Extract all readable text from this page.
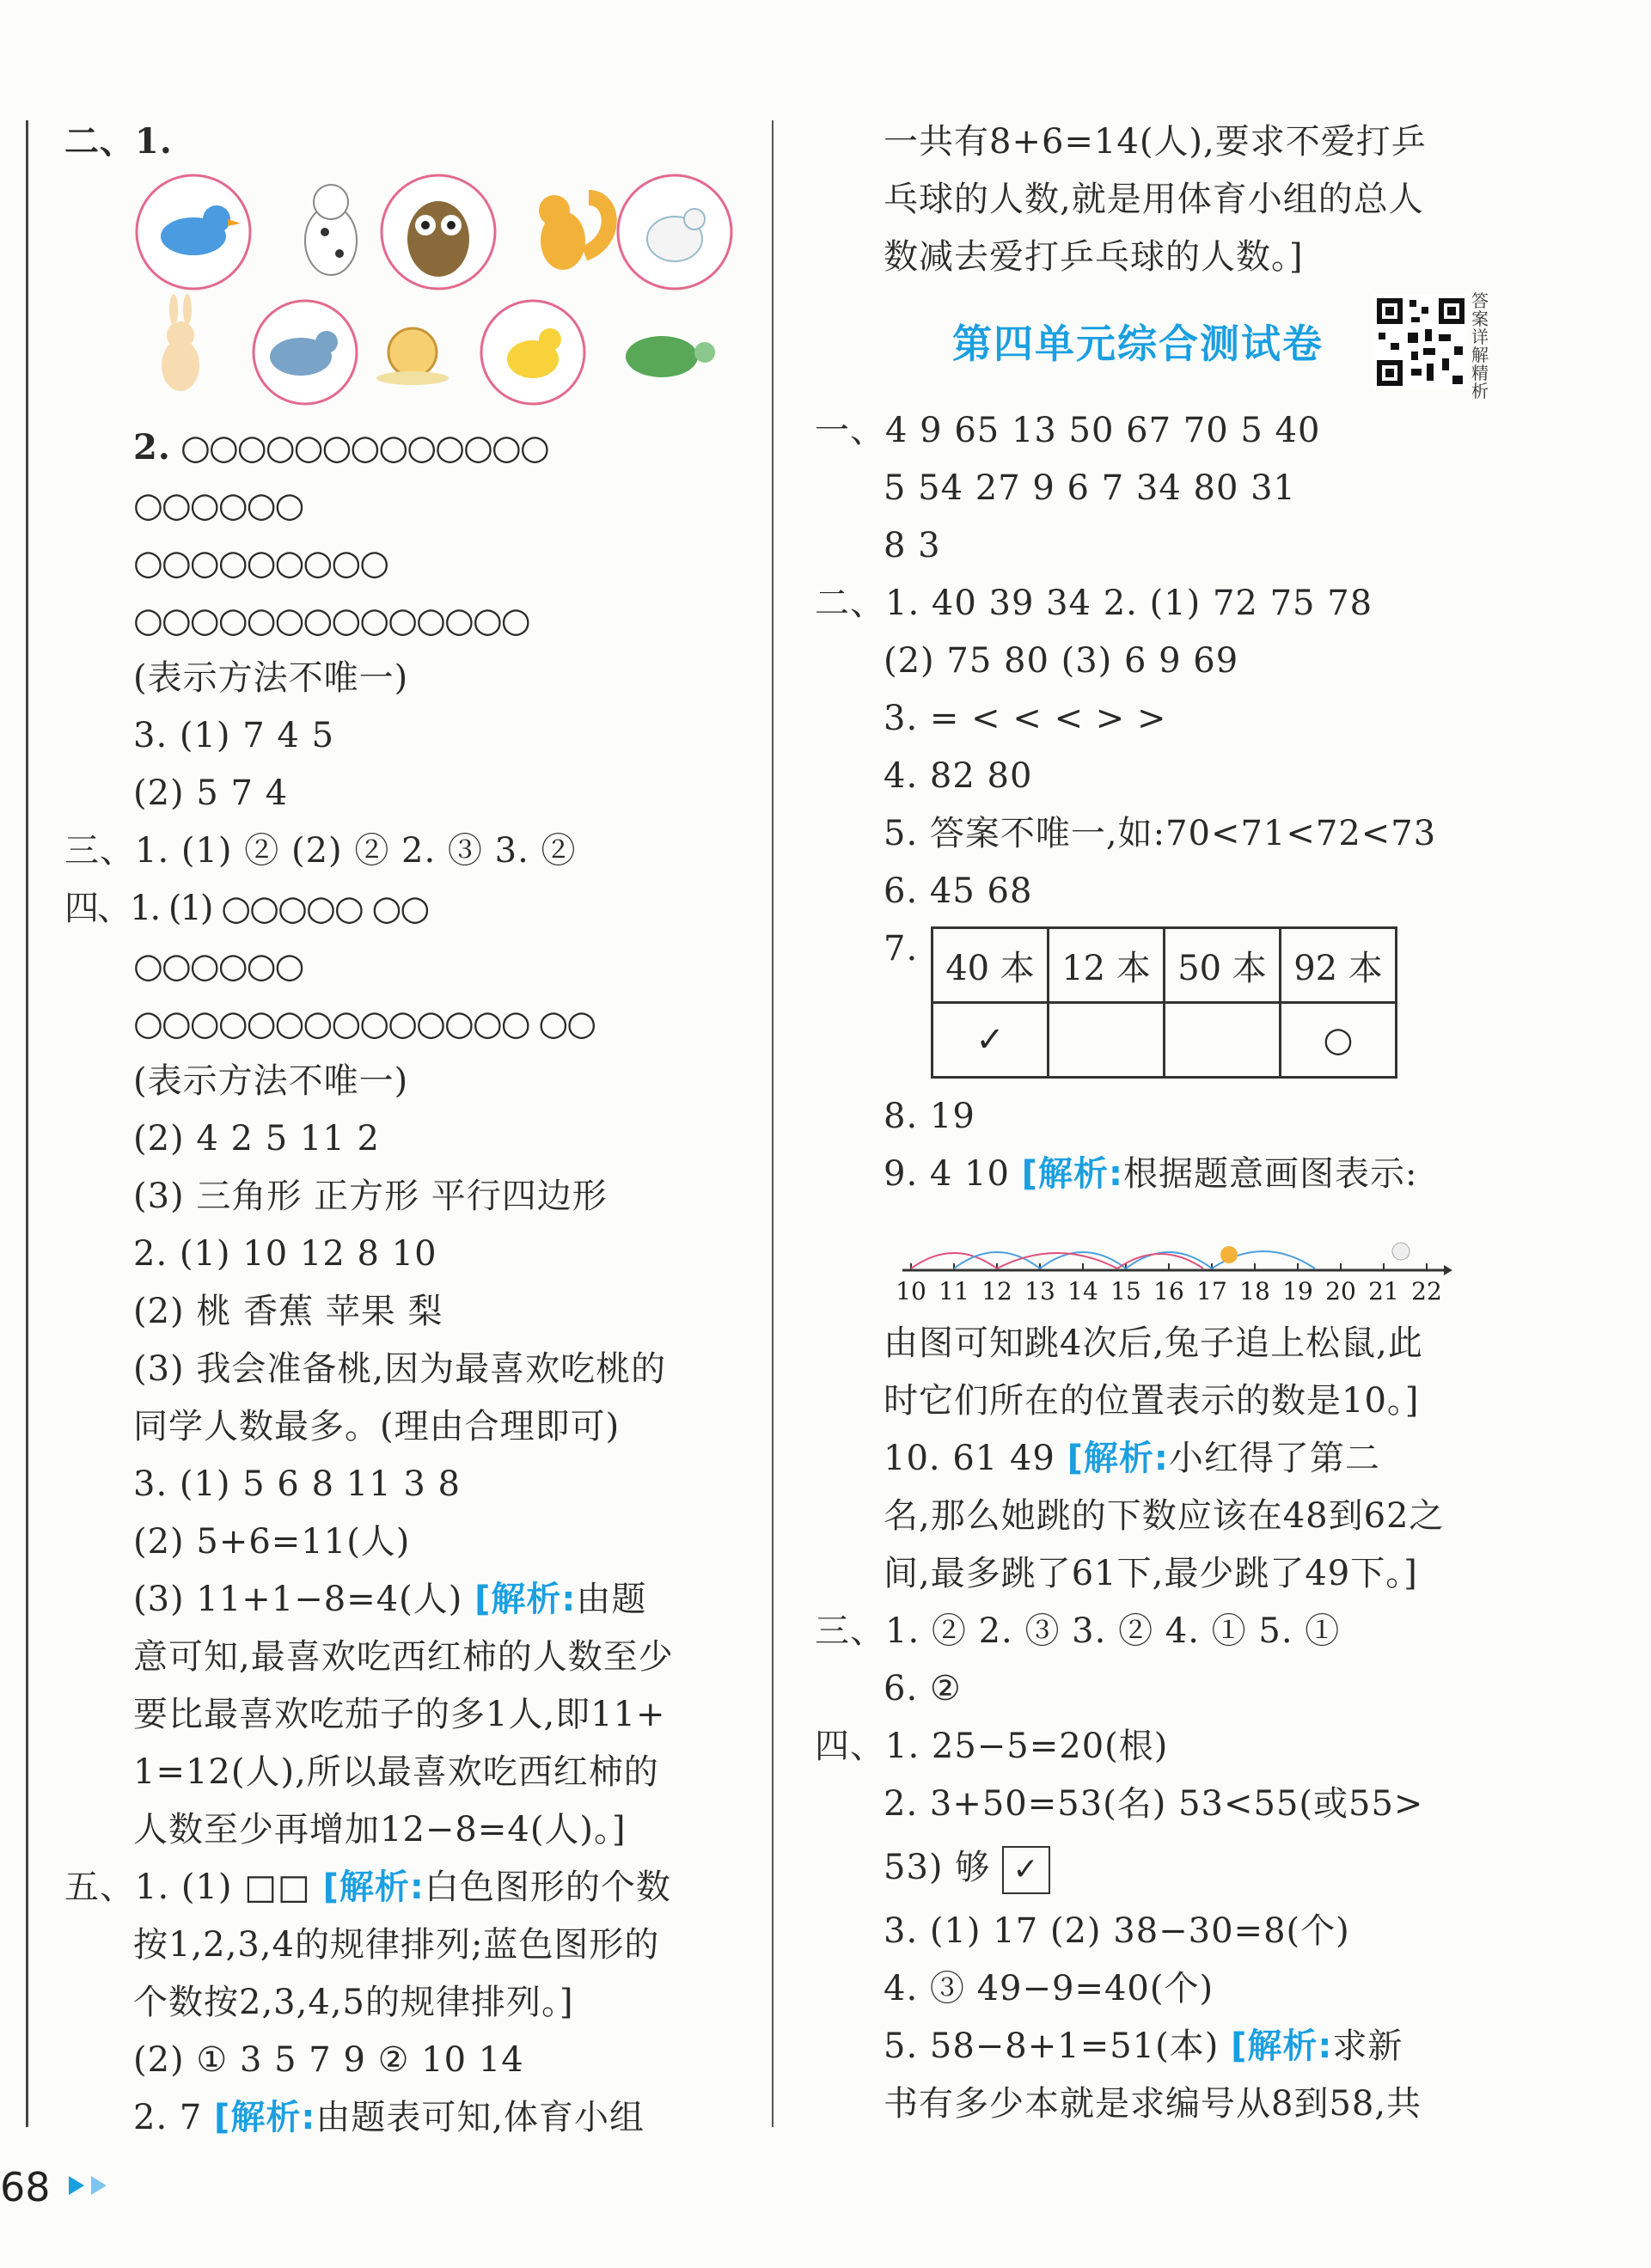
二、1.
2. ○○○○○○○○○○○○○
○○○○○○
○○○○○○○○○
○○○○○○○○○○○○○○
(表示方法不唯一)
3. (1) 7 4 5
(2) 5 7 4
三、1. (1) ② (2) ② 2. ③ 3. ②
四、1. (1) ○○○○○ ○○
○○○○○○
○○○○○○○○○○○○○○ ○○
(表示方法不唯一)
(2) 4 2 5 11 2
(3) 三角形 正方形 平行四边形
2. (1) 10 12 8 10
(2) 桃 香蕉 苹果 梨
(3) 我会准备桃,因为最喜欢吃桃的
同学人数最多。(理由合理即可)
3. (1) 5 6 8 11 3 8
(2) 5+6=11(人)
(3) 11+1−8=4(人) [解析:由题
意可知,最喜欢吃西红柿的人数至少
要比最喜欢吃茄子的多1人,即11+
1=12(人),所以最喜欢吃西红柿的
人数至少再增加12−8=4(人)。]
五、1. (1) □□ [解析:白色图形的个数
按1,2,3,4的规律排列;蓝色图形的
个数按2,3,4,5的规律排列。]
(2) ① 3 5 7 9 ② 10 14
2. 7 [解析:由题表可知,体育小组
一共有8+6=14(人),要求不爱打乒
乓球的人数,就是用体育小组的总人
数减去爱打乒乓球的人数。]
第四单元综合测试卷
答案详解精析
一、4 9 65 13 50 67 70 5 40
5 54 27 9 6 7 34 80 31
8 3
二、1. 40 39 34 2. (1) 72 75 78
(2) 75 80 (3) 6 9 69
3. = < < < > >
4. 82 80
5. 答案不唯一,如:70<71<72<73
6. 45 68
7. 40 本	12 本	50 本	92 本
✓			○
8. 19
9. 4 10 [解析:根据题意画图表示:
10 11 12 13 14 15 16 17 18 19 20 21 22
由图可知跳4次后,兔子追上松鼠,此
时它们所在的位置表示的数是10。]
10. 61 49 [解析:小红得了第二
名,那么她跳的下数应该在48到62之
间,最多跳了61下,最少跳了49下。]
三、1. ② 2. ③ 3. ② 4. ① 5. ①
6. ②
四、1. 25−5=20(根)
2. 3+50=53(名) 53<55(或55>
53) 够 ✓
3. (1) 17 (2) 38−30=8(个)
4. ③ 49−9=40(个)
5. 58−8+1=51(本) [解析:求新
书有多少本就是求编号从8到58,共
68
